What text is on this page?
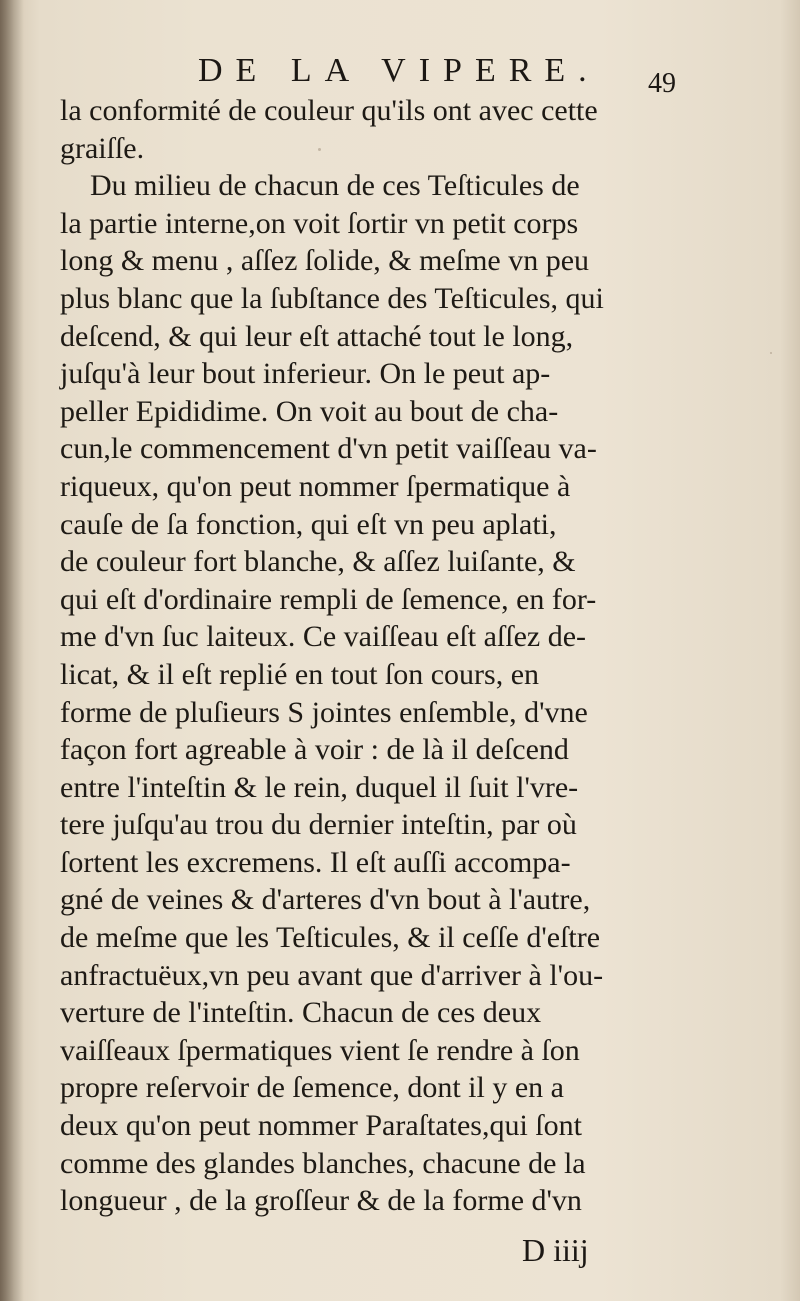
DE LA VIPERE. 49
la conformité de couleur qu'ils ont avec cette
graiſſe.
Du milieu de chacun de ces Teſticules de
la partie interne,on voit ſortir vn petit corps
long & menu , aſſez ſolide, & meſme vn peu
plus blanc que la ſubſtance des Teſticules, qui
deſcend, & qui leur eſt attaché tout le long,
juſqu'à leur bout inferieur. On le peut ap-
peller Epididime. On voit au bout de cha-
cun,le commencement d'vn petit vaiſſeau va-
riqueux, qu'on peut nommer ſpermatique à
cauſe de ſa fonction, qui eſt vn peu aplati,
de couleur fort blanche, & aſſez luiſante, &
qui eſt d'ordinaire rempli de ſemence, en for-
me d'vn ſuc laiteux. Ce vaiſſeau eſt aſſez de-
licat, & il eſt replié en tout ſon cours, en
forme de pluſieurs S jointes enſemble, d'vne
façon fort agreable à voir : de là il deſcend
entre l'inteſtin & le rein, duquel il ſuit l'vre-
tere juſqu'au trou du dernier inteſtin, par où
ſortent les excremens. Il eſt auſſi accompa-
gné de veines & d'arteres d'vn bout à l'autre,
de meſme que les Teſticules, & il ceſſe d'eſtre
anfractuëux,vn peu avant que d'arriver à l'ou-
verture de l'inteſtin. Chacun de ces deux
vaiſſeaux ſpermatiques vient ſe rendre à ſon
propre reſervoir de ſemence, dont il y en a
deux qu'on peut nommer Paraſtates,qui ſont
comme des glandes blanches, chacune de la
longueur , de la groſſeur & de la forme d'vn
D iiij
